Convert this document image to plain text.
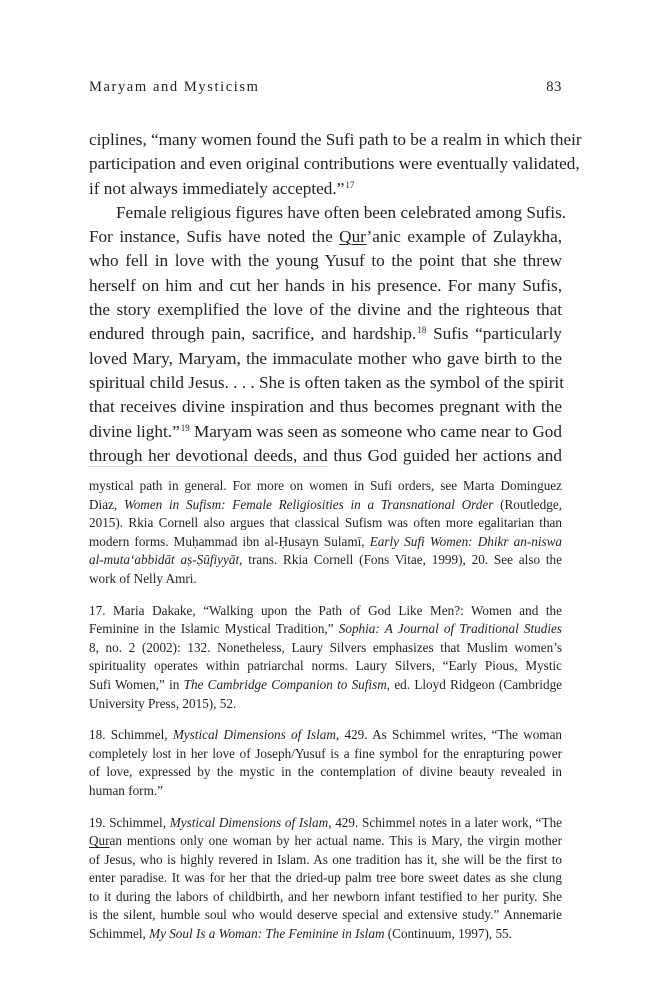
Maryam and Mysticism	83
ciplines, “many women found the Sufi path to be a realm in which their
participation and even original contributions were eventually validated,
if not always immediately accepted.”$^{17}$
Female religious figures have often been celebrated among Sufis.
For instance, Sufis have noted the Qur’anic example of Zulaykha,
who fell in love with the young Yusuf to the point that she threw
herself on him and cut her hands in his presence. For many Sufis,
the story exemplified the love of the divine and the righteous that
endured through pain, sacrifice, and hardship.$^{18}$ Sufis “particularly
loved Mary, Maryam, the immaculate mother who gave birth to the
spiritual child Jesus. . . . She is often taken as the symbol of the spirit
that receives divine inspiration and thus becomes pregnant with the
divine light.”$^{19}$ Maryam was seen as someone who came near to God
through her devotional deeds, and thus God guided her actions and
mystical path in general. For more on women in Sufi orders, see Marta Dominguez
Diaz, Women in Sufism: Female Religiosities in a Transnational Order (Routledge,
2015). Rkia Cornell also argues that classical Sufism was often more egalitarian than
modern forms. Muḥammad ibn al-Ḥusayn Sulamī, Early Sufi Women: Dhikr an-niswa
al-muta‘abbidāt aṣ-Ṣūfiyyāt, trans. Rkia Cornell (Fons Vitae, 1999), 20. See also the
work of Nelly Amri.
17. Maria Dakake, “Walking upon the Path of God Like Men?: Women and the
Feminine in the Islamic Mystical Tradition,” Sophia: A Journal of Traditional Studies
8, no. 2 (2002): 132. Nonetheless, Laury Silvers emphasizes that Muslim women’s
spirituality operates within patriarchal norms. Laury Silvers, “Early Pious, Mystic
Sufi Women,” in The Cambridge Companion to Sufism, ed. Lloyd Ridgeon (Cambridge
University Press, 2015), 52.
18. Schimmel, Mystical Dimensions of Islam, 429. As Schimmel writes, “The woman
completely lost in her love of Joseph/Yusuf is a fine symbol for the enrapturing power
of love, expressed by the mystic in the contemplation of divine beauty revealed in
human form.”
19. Schimmel, Mystical Dimensions of Islam, 429. Schimmel notes in a later work, “The
Quran mentions only one woman by her actual name. This is Mary, the virgin mother
of Jesus, who is highly revered in Islam. As one tradition has it, she will be the first to
enter paradise. It was for her that the dried-up palm tree bore sweet dates as she clung
to it during the labors of childbirth, and her newborn infant testified to her purity. She
is the silent, humble soul who would deserve special and extensive study.” Annemarie
Schimmel, My Soul Is a Woman: The Feminine in Islam (Continuum, 1997), 55.
